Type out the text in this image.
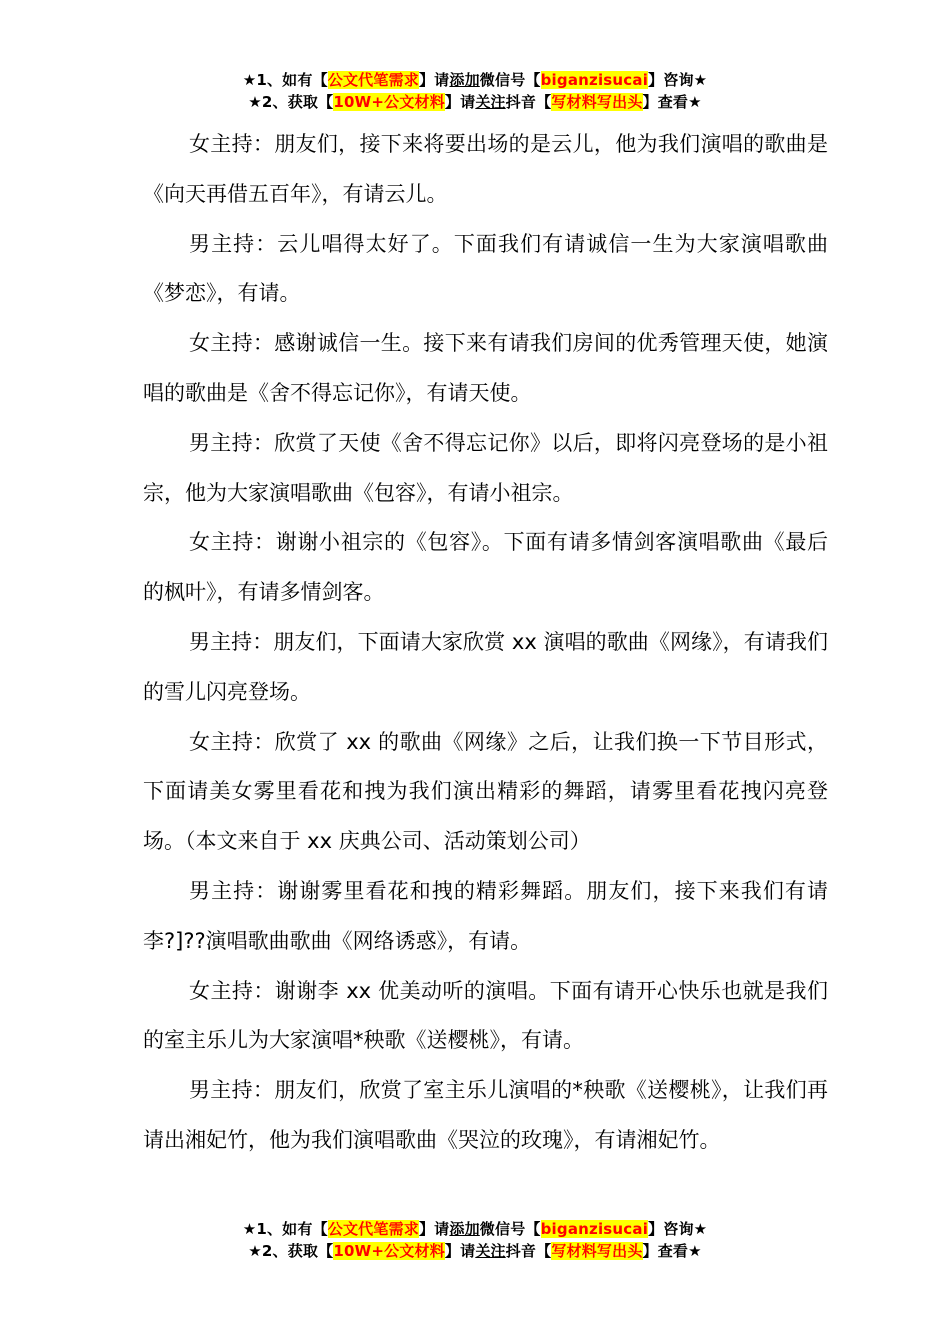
★1、如有【公文代笔需求】请添加微信号【biganzisucai】咨询★
★2、获取【10W+公文材料】请关注抖音【写材料写出头】查看★

女主持：朋友们，接下来将要出场的是云儿，他为我们演唱的歌曲是《向天再借五百年》，有请云儿。

男主持：云儿唱得太好了。下面我们有请诚信一生为大家演唱歌曲《梦恋》，有请。

女主持：感谢诚信一生。接下来有请我们房间的优秀管理天使，她演唱的歌曲是《舍不得忘记你》，有请天使。

男主持：欣赏了天使《舍不得忘记你》以后，即将闪亮登场的是小祖宗，他为大家演唱歌曲《包容》，有请小祖宗。

女主持：谢谢小祖宗的《包容》。下面有请多情剑客演唱歌曲《最后的枫叶》，有请多情剑客。

男主持：朋友们，下面请大家欣赏 xx 演唱的歌曲《网缘》，有请我们的雪儿闪亮登场。

女主持：欣赏了 xx 的歌曲《网缘》之后，让我们换一下节目形式，下面请美女雾里看花和拽为我们演出精彩的舞蹈，请雾里看花拽闪亮登场。（本文来自于 xx 庆典公司、活动策划公司）

男主持：谢谢雾里看花和拽的精彩舞蹈。朋友们，接下来我们有请李?]??演唱歌曲歌曲《网络诱惑》，有请。

女主持：谢谢李 xx 优美动听的演唱。下面有请开心快乐也就是我们的室主乐儿为大家演唱*秧歌《送樱桃》，有请。

男主持：朋友们，欣赏了室主乐儿演唱的*秧歌《送樱桃》，让我们再请出湘妃竹，他为我们演唱歌曲《哭泣的玫瑰》，有请湘妃竹。

★1、如有【公文代笔需求】请添加微信号【biganzisucai】咨询★
★2、获取【10W+公文材料】请关注抖音【写材料写出头】查看★
